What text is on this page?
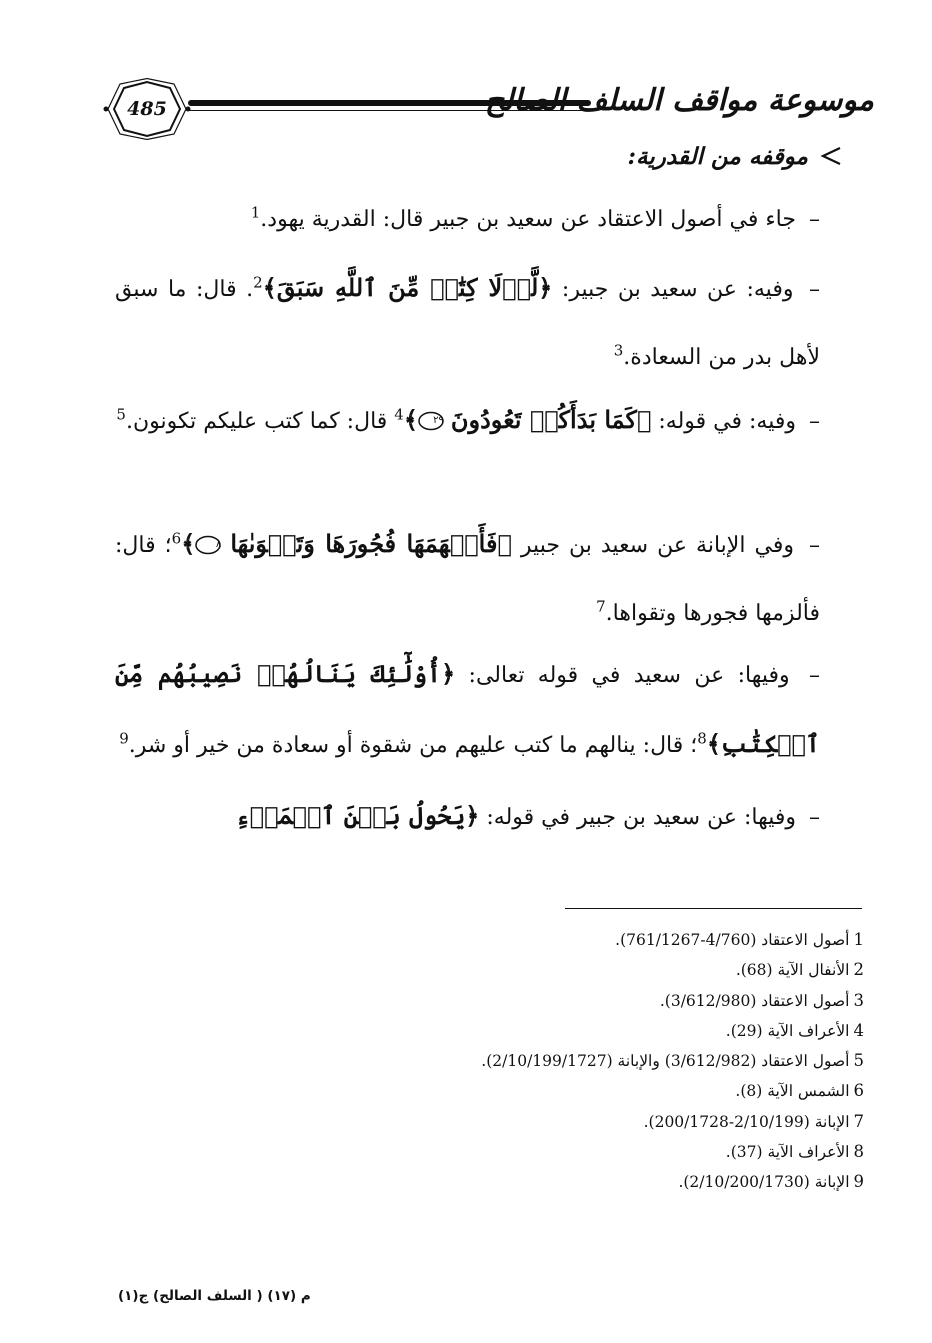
485	موسوعة مواقف السلف الصالح
موقفه من القدرية:

– جاء في أصول الاعتقاد عن سعيد بن جبير قال: القدرية يهود.$^1$

– وفيه: عن سعيد بن جبير: ﴿لَّوۡلَا كِتَٰبٞ مِّنَ ٱللَّهِ سَبَقَ﴾$^2$. قال: ما سبق لأهل بدر من السعادة.$^3$

– وفيه: في قوله: ﴿كَمَا بَدَأَكُمۡ تَعُودُونَ
٢٩
﴾$^4$ قال: كما كتب عليكم تكونون.$^5$

– وفي الإبانة عن سعيد بن جبير ﴿فَأَلۡهَمَهَا فُجُورَهَا وَتَقۡوَىٰهَا
٨
﴾$^6$؛ قال: فألزمها فجورها وتقواها.$^7$

– وفيها: عن سعيد في قوله تعالى: ﴿أُوْلَٰٓئِكَ يَنَالُهُمۡ نَصِيبُهُم مِّنَ ٱلۡكِتَٰبِ﴾$^8$؛ قال: ينالهم ما كتب عليهم من شقوة أو سعادة من خير أو شر.$^9$

– وفيها: عن سعيد بن جبير في قوله: ﴿يَحُولُ بَيۡنَ ٱلۡمَرۡءِ

1أصول الاعتقاد (4/760-761/1267).
2الأنفال الآية (68).
3أصول الاعتقاد (3/612/980).
4الأعراف الآية (29).
5أصول الاعتقاد (3/612/982) والإبانة (2/10/199/1727).
6الشمس الآية (8).
7الإبانة (2/10/199-200/1728).
8الأعراف الآية (37).
9الإبانة (2/10/200/1730).
م (١٧) ( السلف الصالح) ج(١)
